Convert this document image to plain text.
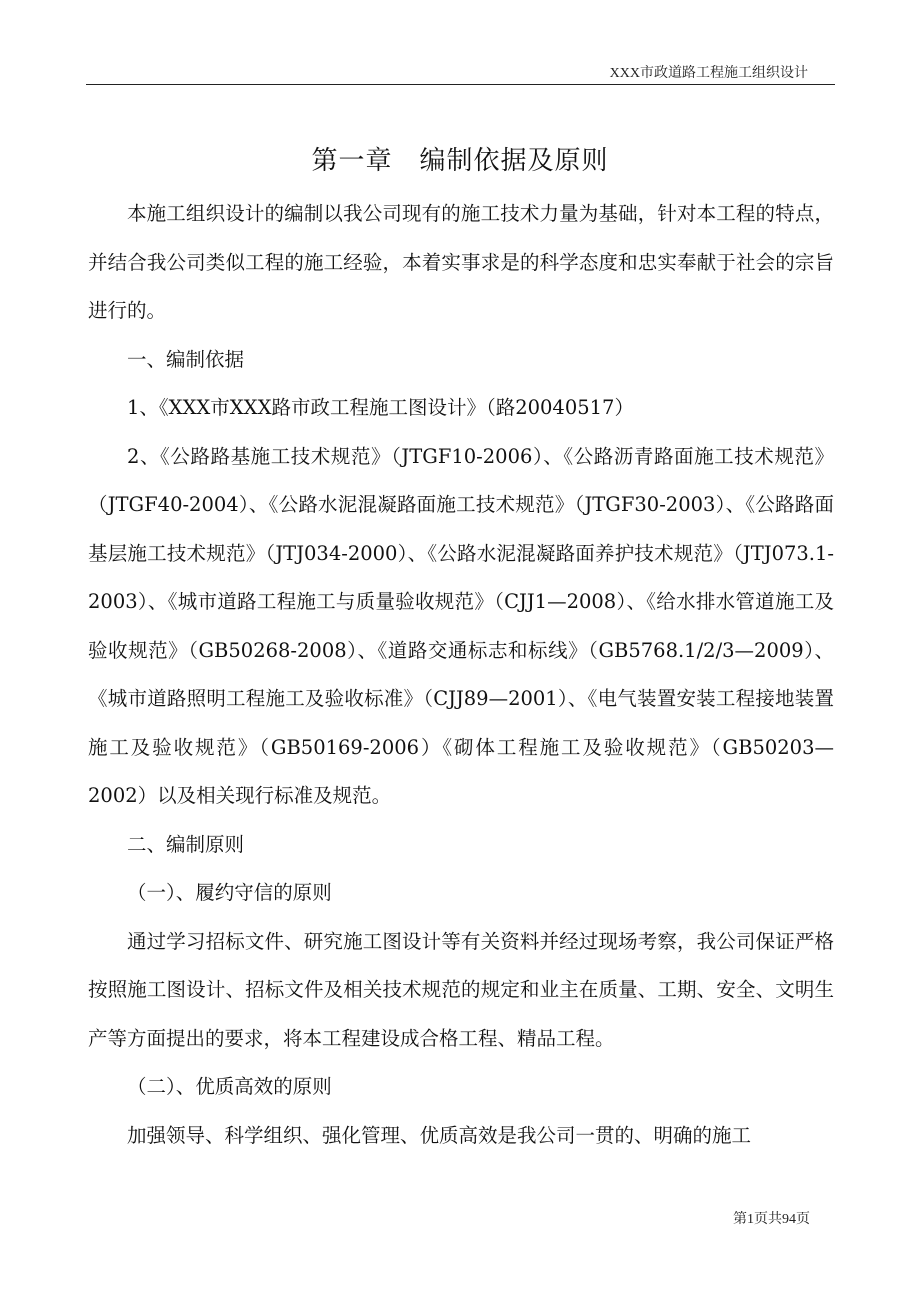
XXX市政道路工程施工组织设计
第一章　编制依据及原则

本施工组织设计的编制以我公司现有的施工技术力量为基础，针对本工程的特点，并结合我公司类似工程的施工经验，本着实事求是的科学态度和忠实奉献于社会的宗旨进行的。

一、编制依据

1、《XXX市XXX路市政工程施工图设计》（路20040517）

2、《公路路基施工技术规范》（JTGF10-2006）、《公路沥青路面施工技术规范》（JTGF40-2004）、《公路水泥混凝路面施工技术规范》（JTGF30-2003）、《公路路面基层施工技术规范》（JTJ034-2000）、《公路水泥混凝路面养护技术规范》（JTJ073.1-2003）、《城市道路工程施工与质量验收规范》（CJJ1—2008）、《给水排水管道施工及验收规范》（GB50268-2008）、《道路交通标志和标线》（GB5768.1/2/3—2009）、《城市道路照明工程施工及验收标准》（CJJ89—2001）、《电气装置安装工程接地装置施工及验收规范》（GB50169-2006）《砌体工程施工及验收规范》（GB50203—2002）以及相关现行标准及规范。

二、编制原则

（一）、履约守信的原则

通过学习招标文件、研究施工图设计等有关资料并经过现场考察，我公司保证严格按照施工图设计、招标文件及相关技术规范的规定和业主在质量、工期、安全、文明生产等方面提出的要求，将本工程建设成合格工程、精品工程。

（二）、优质高效的原则

加强领导、科学组织、强化管理、优质高效是我公司一贯的、明确的施工

第1页共94页
